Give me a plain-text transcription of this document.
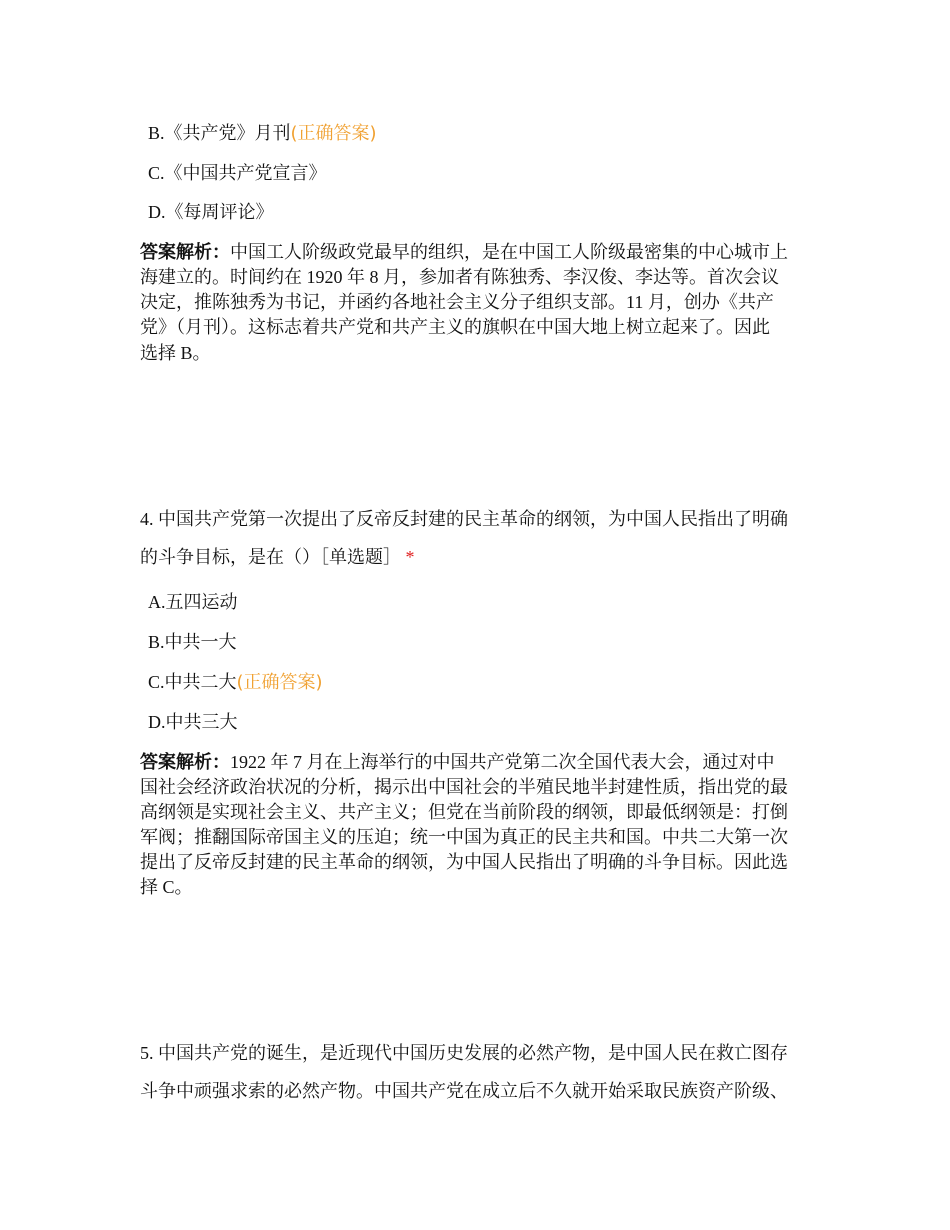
B.《共产党》月刊(正确答案)
C.《中国共产党宣言》
D.《每周评论》
答案解析：中国工人阶级政党最早的组织，是在中国工人阶级最密集的中心城市上
海建立的。时间约在 1920 年 8 月，参加者有陈独秀、李汉俊、李达等。首次会议
决定，推陈独秀为书记，并函约各地社会主义分子组织支部。11 月，创办《共产
党》（月刊）。这标志着共产党和共产主义的旗帜在中国大地上树立起来了。因此
选择 B。
4. 中国共产党第一次提出了反帝反封建的民主革命的纲领，为中国人民指出了明确
的斗争目标，是在（）［单选题］ *
A.五四运动
B.中共一大
C.中共二大(正确答案)
D.中共三大
答案解析：1922 年 7 月在上海举行的中国共产党第二次全国代表大会，通过对中
国社会经济政治状况的分析，揭示出中国社会的半殖民地半封建性质，指出党的最
高纲领是实现社会主义、共产主义；但党在当前阶段的纲领，即最低纲领是：打倒
军阀；推翻国际帝国主义的压迫；统一中国为真正的民主共和国。中共二大第一次
提出了反帝反封建的民主革命的纲领，为中国人民指出了明确的斗争目标。因此选
择 C。
5. 中国共产党的诞生，是近现代中国历史发展的必然产物，是中国人民在救亡图存
斗争中顽强求索的必然产物。中国共产党在成立后不久就开始采取民族资产阶级、
